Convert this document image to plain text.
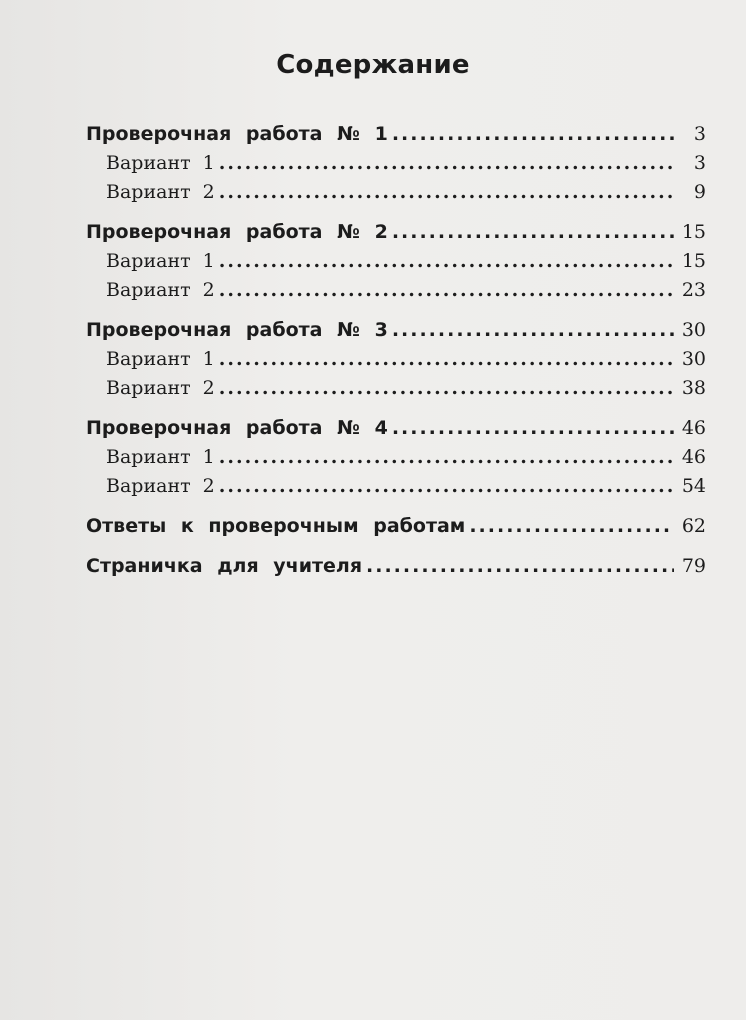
Содержание
Проверочная работа № 1 .....	3
Вариант 1 .....	3
Вариант 2 .....	9
Проверочная работа № 2 .....	15
Вариант 1 .....	15
Вариант 2 .....	23
Проверочная работа № 3 .....	30
Вариант 1 .....	30
Вариант 2 .....	38
Проверочная работа № 4 .....	46
Вариант 1 .....	46
Вариант 2 .....	54
Ответы к проверочным работам .....	62
Страничка для учителя .....	79
